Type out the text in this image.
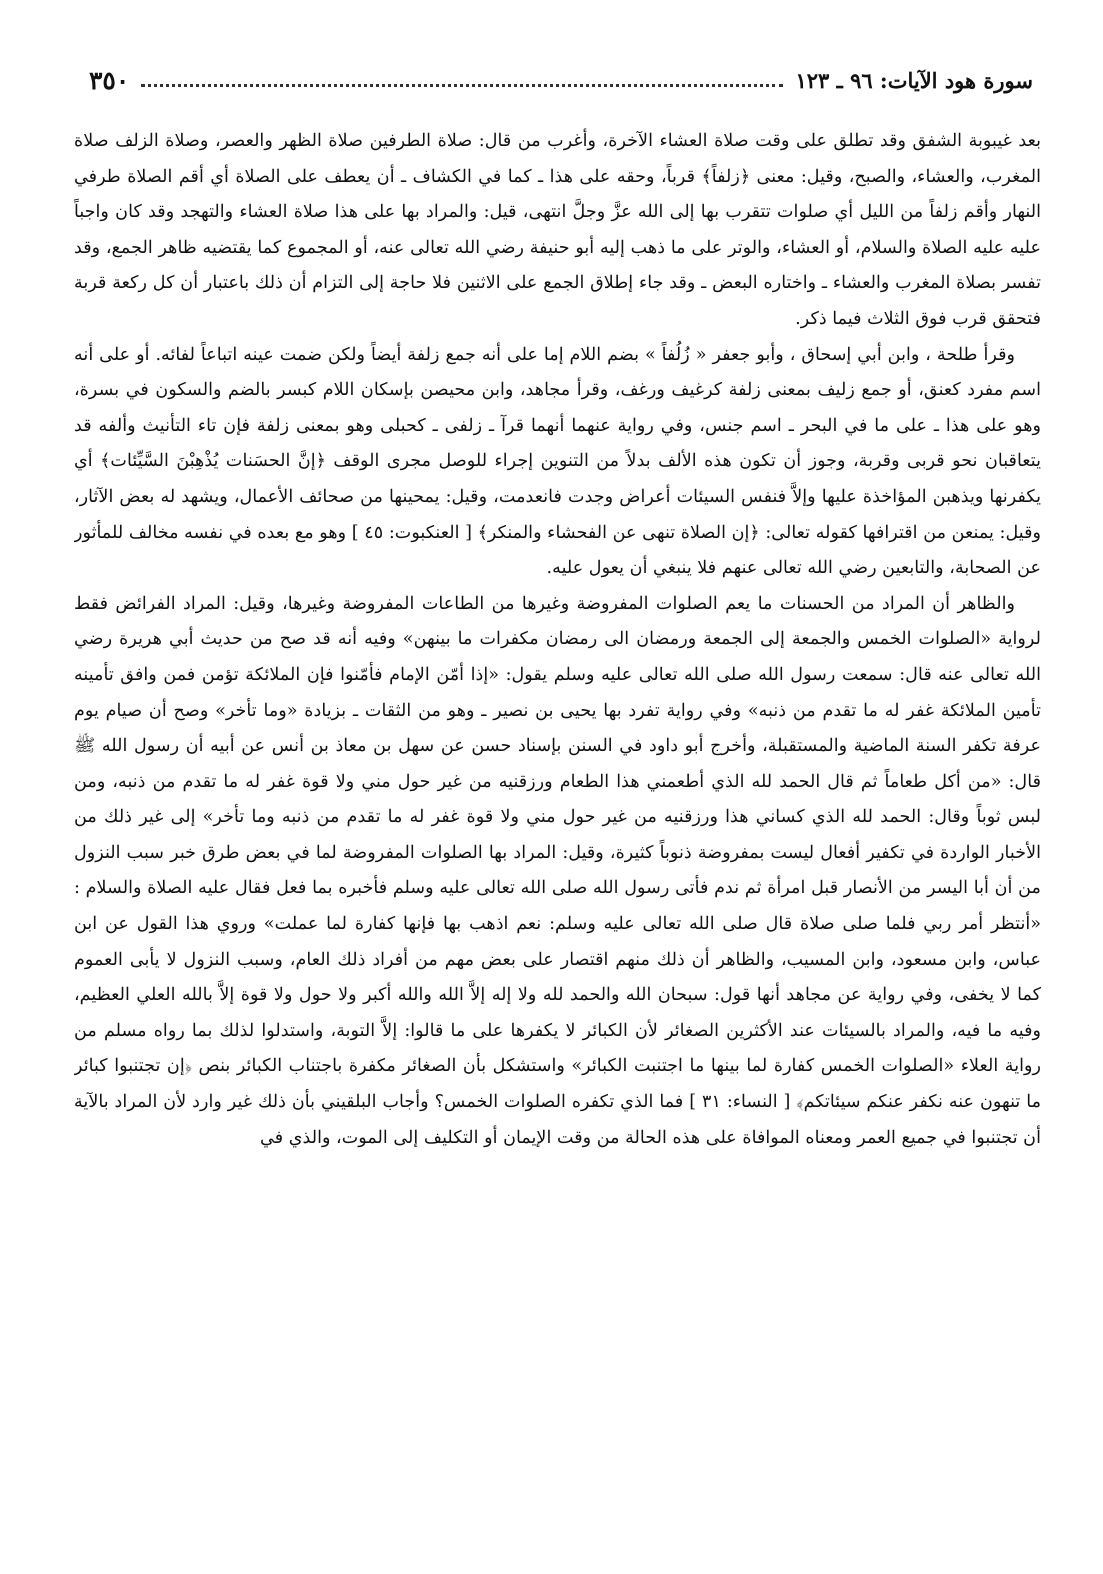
٣٥٠	سورة هود الآيات: ٩٦ ـ ١٢٣

بعد غيبوبة الشفق وقد تطلق على وقت صلاة العشاء الآخرة، وأغرب من قال: صلاة الطرفين صلاة الظهر والعصر، وصلاة الزلف صلاة المغرب، والعشاء، والصبح، وقيل: معنى ﴿زلفاً﴾ قرباً، وحقه على هذا ـ كما في الكشاف ـ أن يعطف على الصلاة أي أقم الصلاة طرفي النهار وأقم زلفاً من الليل أي صلوات تتقرب بها إلى الله عزَّ وجلَّ انتهى، قيل: والمراد بها على هذا صلاة العشاء والتهجد وقد كان واجباً عليه عليه الصلاة والسلام، أو العشاء، والوتر على ما ذهب إليه أبو حنيفة رضي الله تعالى عنه، أو المجموع كما يقتضيه ظاهر الجمع، وقد تفسر بصلاة المغرب والعشاء ـ واختاره البعض ـ وقد جاء إطلاق الجمع على الاثنين فلا حاجة إلى التزام أن ذلك باعتبار أن كل ركعة قربة فتحقق قرب فوق الثلاث فيما ذكر.

وقرأ طلحة ، وابن أبي إسحاق ، وأبو جعفر « زُلُفاً » بضم اللام إما على أنه جمع زلفة أيضاً ولكن ضمت عينه اتباعاً لفائه. أو على أنه اسم مفرد كعنق، أو جمع زليف بمعنى زلفة كرغيف ورغف، وقرأ مجاهد، وابن محيصن بإسكان اللام كبسر بالضم والسكون في بسرة، وهو على هذا ـ على ما في البحر ـ اسم جنس، وفي رواية عنهما أنهما قرآ ـ زلفى ـ كحبلى وهو بمعنى زلفة فإن تاء التأنيث وألفه قد يتعاقبان نحو قربى وقربة، وجوز أن تكون هذه الألف بدلاً من التنوين إجراء للوصل مجرى الوقف ﴿إنَّ الحسَنات يُذْهِبْنَ السَّيِّئات﴾ أي يكفرنها ويذهبن المؤاخذة عليها وإلاَّ فنفس السيئات أعراض وجدت فانعدمت، وقيل: يمحينها من صحائف الأعمال، ويشهد له بعض الآثار، وقيل: يمنعن من اقترافها كقوله تعالى: ﴿إن الصلاة تنهى عن الفحشاء والمنكر﴾ [ العنكبوت: ٤٥ ] وهو مع بعده في نفسه مخالف للمأثور عن الصحابة، والتابعين رضي الله تعالى عنهم فلا ينبغي أن يعول عليه.

والظاهر أن المراد من الحسنات ما يعم الصلوات المفروضة وغيرها من الطاعات المفروضة وغيرها، وقيل: المراد الفرائض فقط لرواية «الصلوات الخمس والجمعة إلى الجمعة ورمضان الى رمضان مكفرات ما بينهن» وفيه أنه قد صح من حديث أبي هريرة رضي الله تعالى عنه قال: سمعت رسول الله صلى الله تعالى عليه وسلم يقول: «إذا أمّن الإمام فأمّنوا فإن الملائكة تؤمن فمن وافق تأمينه تأمين الملائكة غفر له ما تقدم من ذنبه» وفي رواية تفرد بها يحيى بن نصير ـ وهو من الثقات ـ بزيادة «وما تأخر» وصح أن صيام يوم عرفة تكفر السنة الماضية والمستقبلة، وأخرج أبو داود في السنن بإسناد حسن عن سهل بن معاذ بن أنس عن أبيه أن رسول الله ﷺ قال: «من أكل طعاماً ثم قال الحمد لله الذي أطعمني هذا الطعام ورزقنيه من غير حول مني ولا قوة غفر له ما تقدم من ذنبه، ومن لبس ثوباً وقال: الحمد لله الذي كساني هذا ورزقنيه من غير حول مني ولا قوة غفر له ما تقدم من ذنبه وما تأخر» إلى غير ذلك من الأخبار الواردة في تكفير أفعال ليست بمفروضة ذنوباً كثيرة، وقيل: المراد بها الصلوات المفروضة لما في بعض طرق خبر سبب النزول من أن أبا اليسر من الأنصار قبل امرأة ثم ندم فأتى رسول الله صلى الله تعالى عليه وسلم فأخبره بما فعل فقال عليه الصلاة والسلام : «أنتظر أمر ربي فلما صلى صلاة قال صلى الله تعالى عليه وسلم: نعم اذهب بها فإنها كفارة لما عملت» وروي هذا القول عن ابن عباس، وابن مسعود، وابن المسيب، والظاهر أن ذلك منهم اقتصار على بعض مهم من أفراد ذلك العام، وسبب النزول لا يأبى العموم كما لا يخفى، وفي رواية عن مجاهد أنها قول: سبحان الله والحمد لله ولا إله إلاَّ الله والله أكبر ولا حول ولا قوة إلاَّ بالله العلي العظيم، وفيه ما فيه، والمراد بالسيئات عند الأكثرين الصغائر لأن الكبائر لا يكفرها على ما قالوا: إلاَّ التوبة، واستدلوا لذلك بما رواه مسلم من رواية العلاء «الصلوات الخمس كفارة لما بينها ما اجتنبت الكبائر» واستشكل بأن الصغائر مكفرة باجتناب الكبائر بنص ﴿إن تجتنبوا كبائر ما تنهون عنه نكفر عنكم سيئاتكم﴾ [ النساء: ٣١ ] فما الذي تكفره الصلوات الخمس؟ وأجاب البلقيني بأن ذلك غير وارد لأن المراد بالآية أن تجتنبوا في جميع العمر ومعناه الموافاة على هذه الحالة من وقت الإيمان أو التكليف إلى الموت، والذي في
